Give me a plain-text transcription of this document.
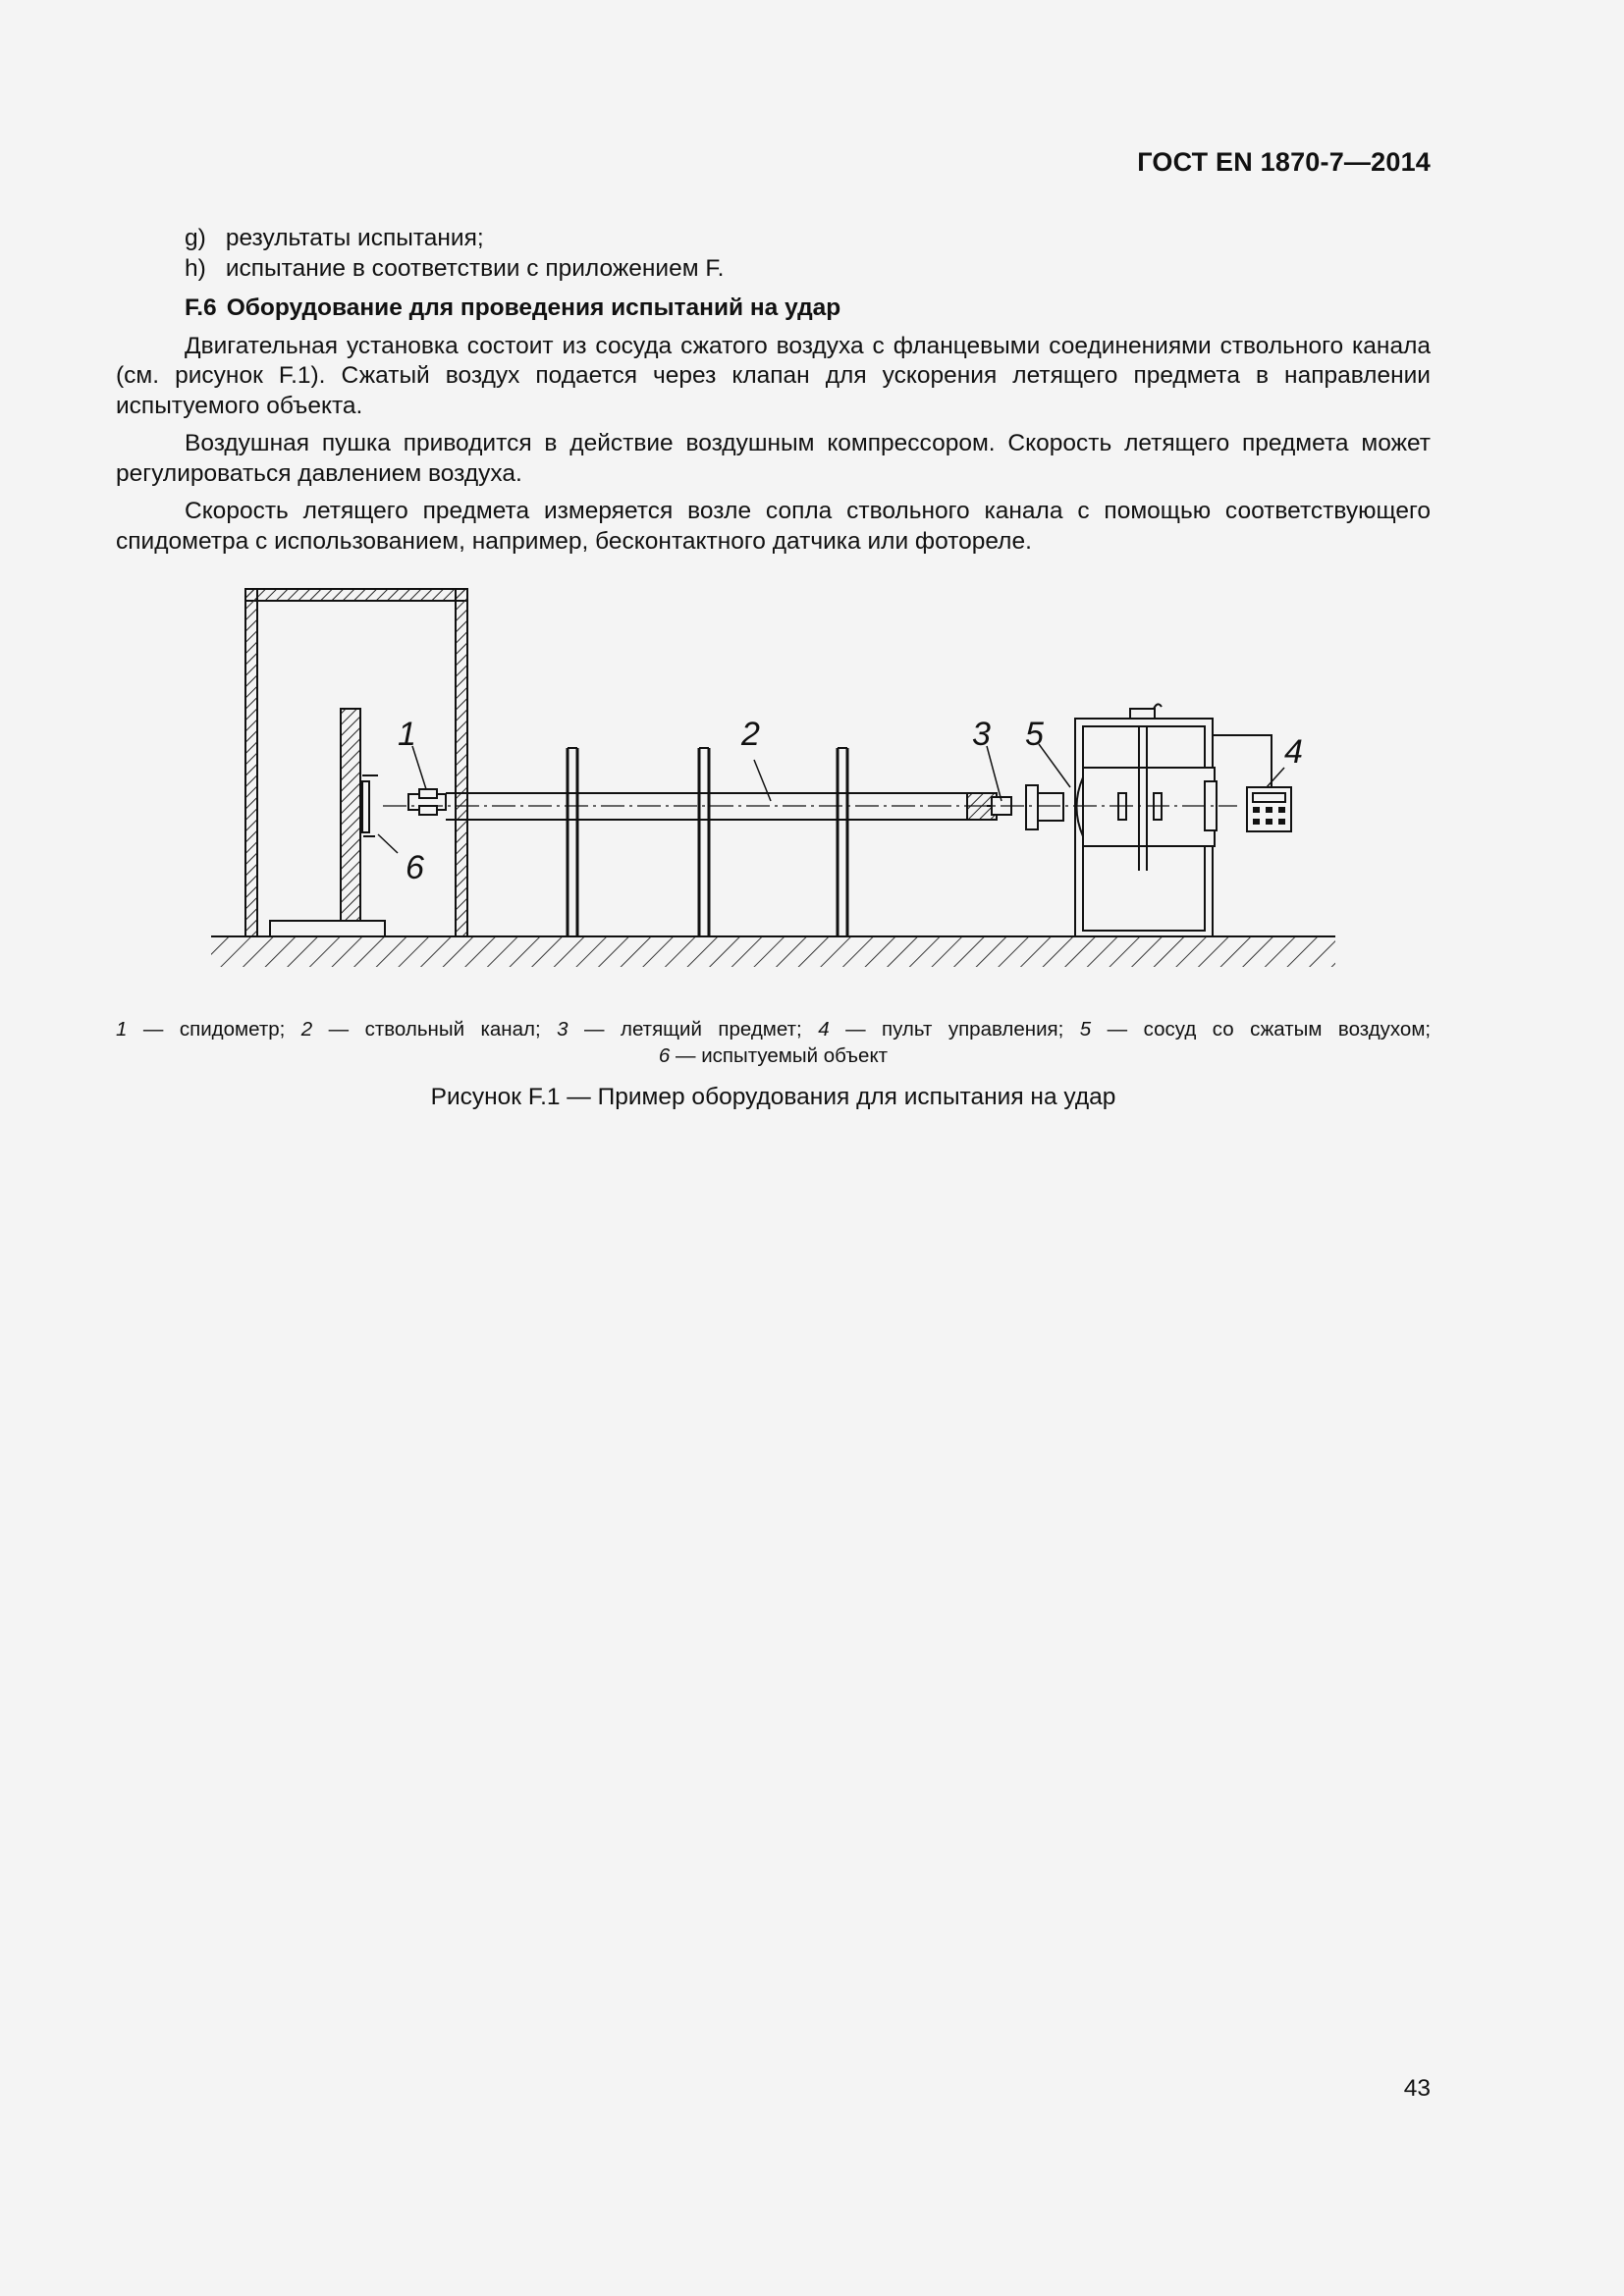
ГОСТ EN 1870-7—2014

g) результаты испытания;

h) испытание в соответствии с приложением F.

F.6 Оборудование для проведения испытаний на удар
Двигательная установка состоит из сосуда сжатого воздуха с фланцевыми соединениями ствольного канала (см. рисунок F.1). Сжатый воздух подается через клапан для ускорения летящего предмета в направлении испытуемого объекта.
Воздушная пушка приводится в действие воздушным компрессором. Скорость летящего предмета может регулироваться давлением воздуха.
Скорость летящего предмета измеряется возле сопла ствольного канала с помощью соответствующего спидометра с использованием, например, бесконтактного датчика или фотореле.
1	2	3 5	4
6
1 — спидометр; 2 — ствольный канал; 3 — летящий предмет; 4 — пульт управления; 5 — сосуд со сжатым воздухом;
6 — испытуемый объект
Рисунок F.1 — Пример оборудования для испытания на удар
43
